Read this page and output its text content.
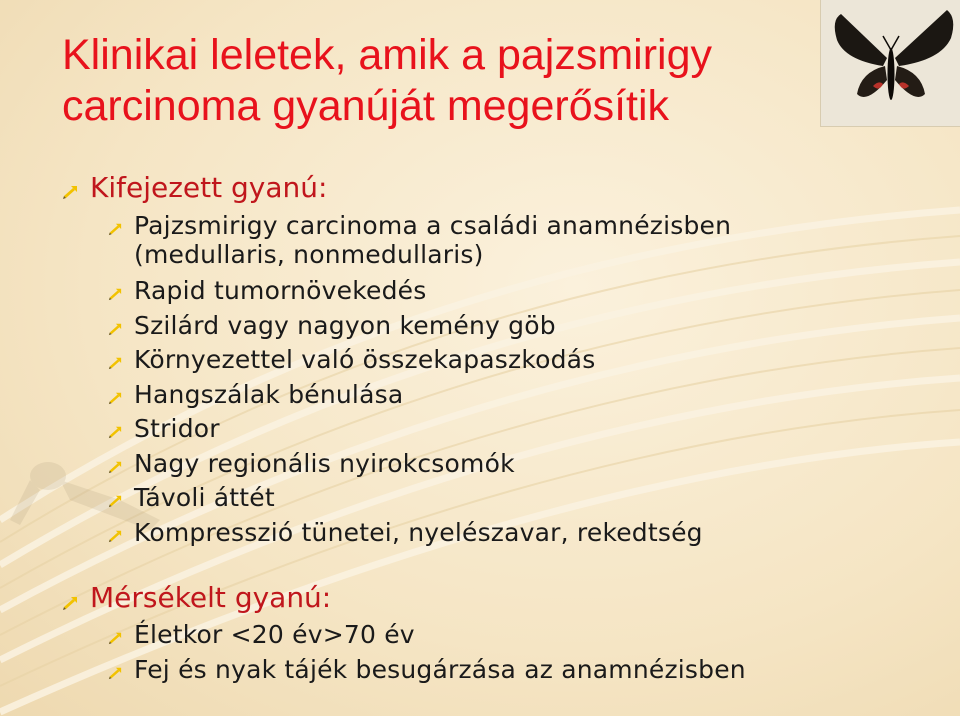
Klinikai leletek, amik a pajzsmirigy
carcinoma gyanúját megerősítik
Kifejezett gyanú:
Pajzsmirigy carcinoma a családi anamnézisben
(medullaris, nonmedullaris)
Rapid tumornövekedés
Szilárd vagy nagyon kemény göb
Környezettel való összekapaszkodás
Hangszálak bénulása
Stridor
Nagy regionális nyirokcsomók
Távoli áttét
Kompresszió tünetei, nyelészavar, rekedtség
Mérsékelt gyanú:
Életkor <20 év>70 év
Fej és nyak tájék besugárzása az anamnézisben
